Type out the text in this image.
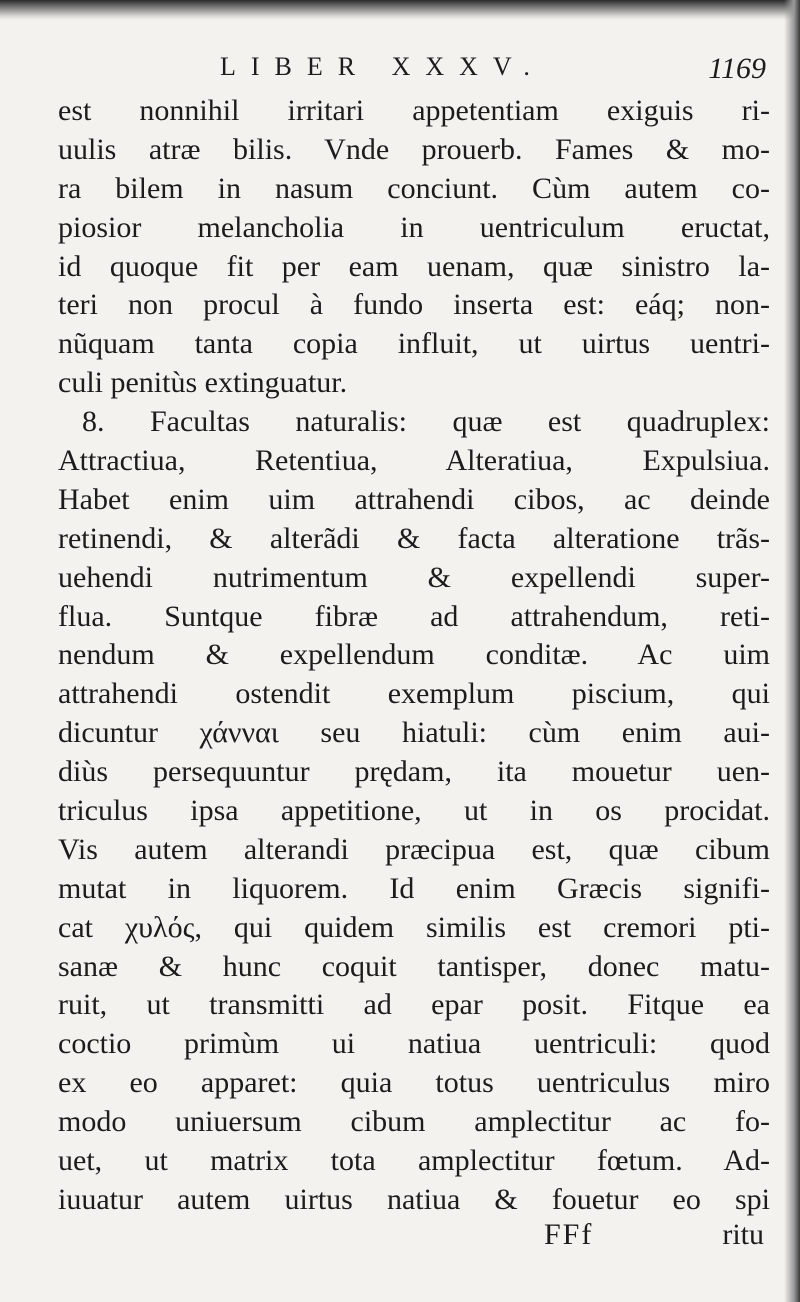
LIBER XXXV.	1169
est nonnihil irritari appetentiam exiguis ri-
uulis atræ bilis. Vnde prouerb. Fames & mo-
ra bilem in nasum conciunt. Cùm autem co-
piosior melancholia in uentriculum eructat,
id quoque fit per eam uenam, quæ sinistro la-
teri non procul à fundo inserta est: eáq; non-
nũquam tanta copia influit, ut uirtus uentri-
culi penitùs extinguatur.
8. Facultas naturalis: quæ est quadruplex:
Attractiua, Retentiua, Alteratiua, Expulsiua.
Habet enim uim attrahendi cibos, ac deinde
retinendi, & alterãdi & facta alteratione trãs-
uehendi nutrimentum & expellendi super-
flua. Suntque fibræ ad attrahendum, reti-
nendum & expellendum conditæ. Ac uim
attrahendi ostendit exemplum piscium, qui
dicuntur χάνναι seu hiatuli: cùm enim aui-
diùs persequuntur prędam, ita mouetur uen-
triculus ipsa appetitione, ut in os procidat.
Vis autem alterandi præcipua est, quæ cibum
mutat in liquorem. Id enim Græcis signifi-
cat χυλός, qui quidem similis est cremori pti-
sanæ & hunc coquit tantisper, donec matu-
ruit, ut transmitti ad epar posit. Fitque ea
coctio primùm ui natiua uentriculi: quod
ex eo apparet: quia totus uentriculus miro
modo uniuersum cibum amplectitur ac fo-
uet, ut matrix tota amplectitur fœtum. Ad-
iuuatur autem uirtus natiua & fouetur eo spi
FFf	ritu
